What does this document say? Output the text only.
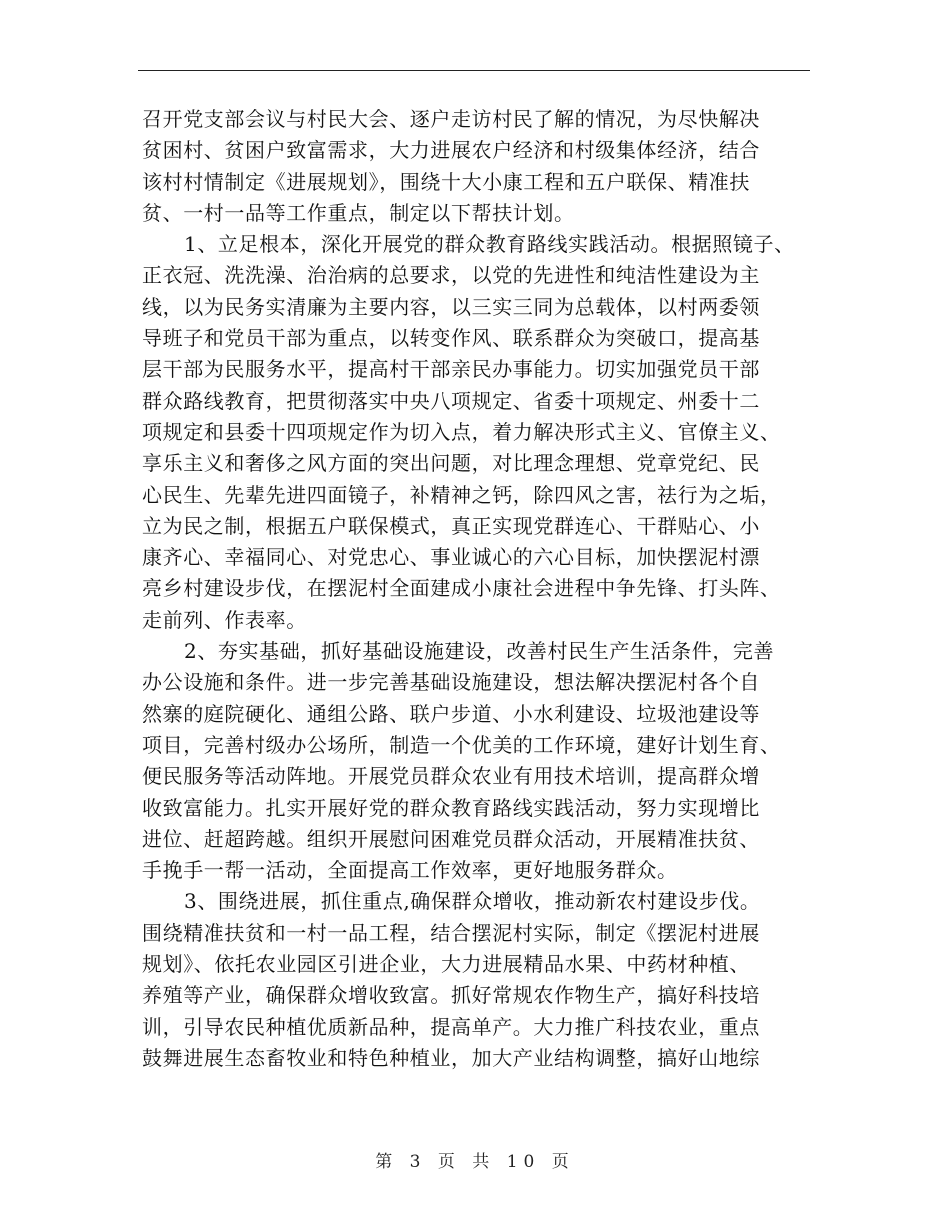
召开党支部会议与村民大会、逐户走访村民了解的情况，为尽快解决
贫困村、贫困户致富需求，大力进展农户经济和村级集体经济，结合
该村村情制定《进展规划》，围绕十大小康工程和五户联保、精准扶
贫、一村一品等工作重点，制定以下帮扶计划。
1、立足根本，深化开展党的群众教育路线实践活动。根据照镜子、
正衣冠、洗洗澡、治治病的总要求，以党的先进性和纯洁性建设为主
线，以为民务实清廉为主要内容，以三实三同为总载体，以村两委领
导班子和党员干部为重点，以转变作风、联系群众为突破口，提高基
层干部为民服务水平，提高村干部亲民办事能力。切实加强党员干部
群众路线教育，把贯彻落实中央八项规定、省委十项规定、州委十二
项规定和县委十四项规定作为切入点，着力解决形式主义、官僚主义、
享乐主义和奢侈之风方面的突出问题，对比理念理想、党章党纪、民
心民生、先辈先进四面镜子，补精神之钙，除四风之害，祛行为之垢，
立为民之制，根据五户联保模式，真正实现党群连心、干群贴心、小
康齐心、幸福同心、对党忠心、事业诚心的六心目标，加快摆泥村漂
亮乡村建设步伐，在摆泥村全面建成小康社会进程中争先锋、打头阵、
走前列、作表率。
2、夯实基础，抓好基础设施建设，改善村民生产生活条件，完善
办公设施和条件。进一步完善基础设施建设，想法解决摆泥村各个自
然寨的庭院硬化、通组公路、联户步道、小水利建设、垃圾池建设等
项目，完善村级办公场所，制造一个优美的工作环境，建好计划生育、
便民服务等活动阵地。开展党员群众农业有用技术培训，提高群众增
收致富能力。扎实开展好党的群众教育路线实践活动，努力实现增比
进位、赶超跨越。组织开展慰问困难党员群众活动，开展精准扶贫、
手挽手一帮一活动，全面提高工作效率，更好地服务群众。
3、围绕进展，抓住重点,确保群众增收，推动新农村建设步伐。
围绕精准扶贫和一村一品工程，结合摆泥村实际，制定《摆泥村进展
规划》、依托农业园区引进企业，大力进展精品水果、中药材种植、
养殖等产业，确保群众增收致富。抓好常规农作物生产，搞好科技培
训，引导农民种植优质新品种，提高单产。大力推广科技农业，重点
鼓舞进展生态畜牧业和特色种植业，加大产业结构调整，搞好山地综
第 3 页 共 10 页
